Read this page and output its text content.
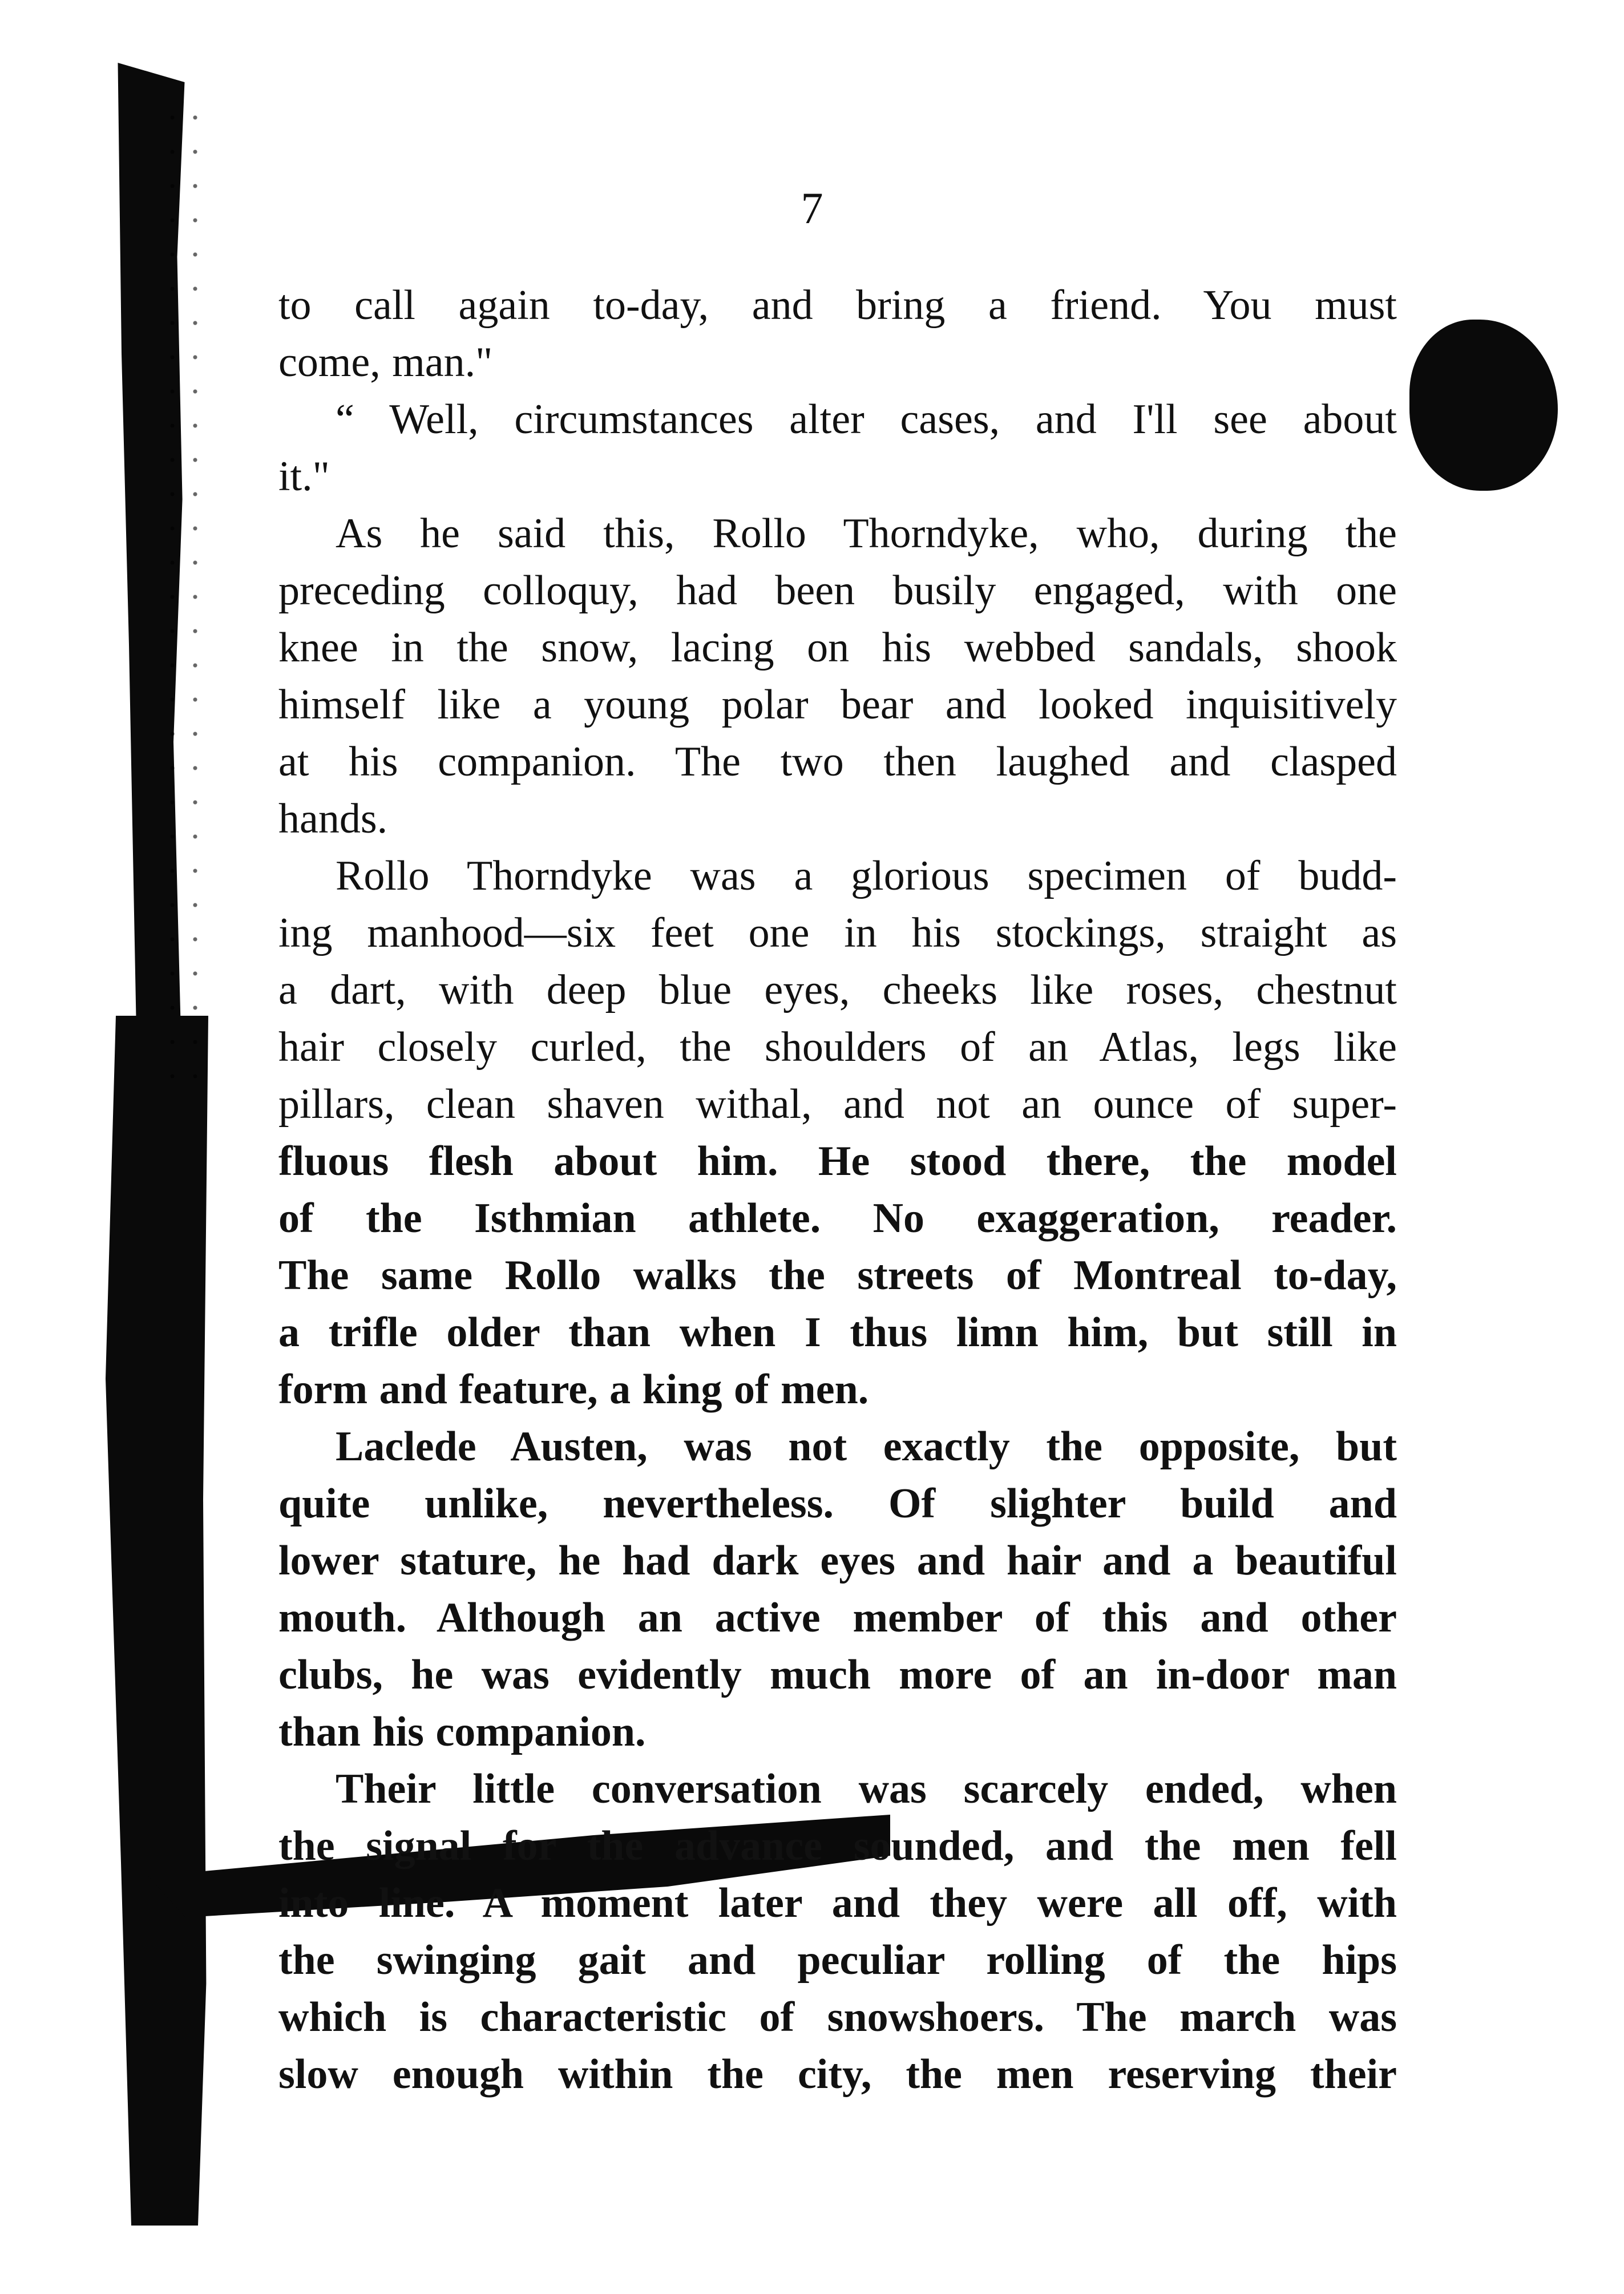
7
to call again to-day, and bring a friend. You must
come, man."
“ Well, circumstances alter cases, and I'll see about
it."
As he said this, Rollo Thorndyke, who, during the
preceding colloquy, had been busily engaged, with one
knee in the snow, lacing on his webbed sandals, shook
himself like a young polar bear and looked inquisitively
at his companion. The two then laughed and clasped
hands.
Rollo Thorndyke was a glorious specimen of budd-
ing manhood—six feet one in his stockings, straight as
a dart, with deep blue eyes, cheeks like roses, chestnut
hair closely curled, the shoulders of an Atlas, legs like
pillars, clean shaven withal, and not an ounce of super-
fluous flesh about him. He stood there, the model
of the Isthmian athlete. No exaggeration, reader.
The same Rollo walks the streets of Montreal to-day,
a trifle older than when I thus limn him, but still in
form and feature, a king of men.
Laclede Austen, was not exactly the opposite, but
quite unlike, nevertheless. Of slighter build and
lower stature, he had dark eyes and hair and a beautiful
mouth. Although an active member of this and other
clubs, he was evidently much more of an in-door man
than his companion.
Their little conversation was scarcely ended, when
the signal for the advance sounded, and the men fell
into line. A moment later and they were all off, with
the swinging gait and peculiar rolling of the hips
which is characteristic of snowshoers. The march was
slow enough within the city, the men reserving their
